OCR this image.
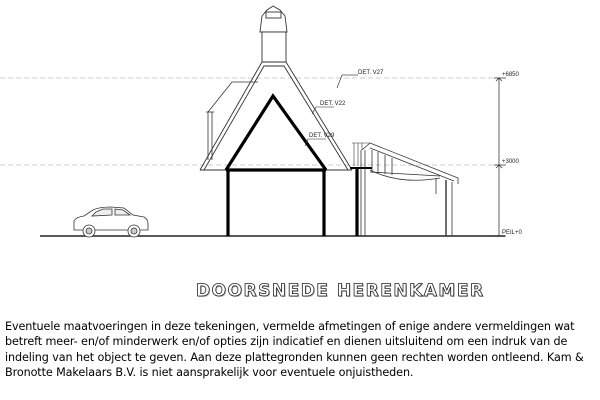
DET. V27
DET. V22
DET. V29
+6850
+3000
PEIL+0
DOORSNEDE HERENKAMER

Eventuele maatvoeringen in deze tekeningen, vermelde afmetingen of enige andere vermeldingen wat betreft meer- en/of minderwerk en/of opties zijn indicatief en dienen uitsluitend om een indruk van de indeling van het object te geven. Aan deze plattegronden kunnen geen rechten worden ontleend. Kam & Bronotte Makelaars B.V. is niet aansprakelijk voor eventuele onjuistheden.
